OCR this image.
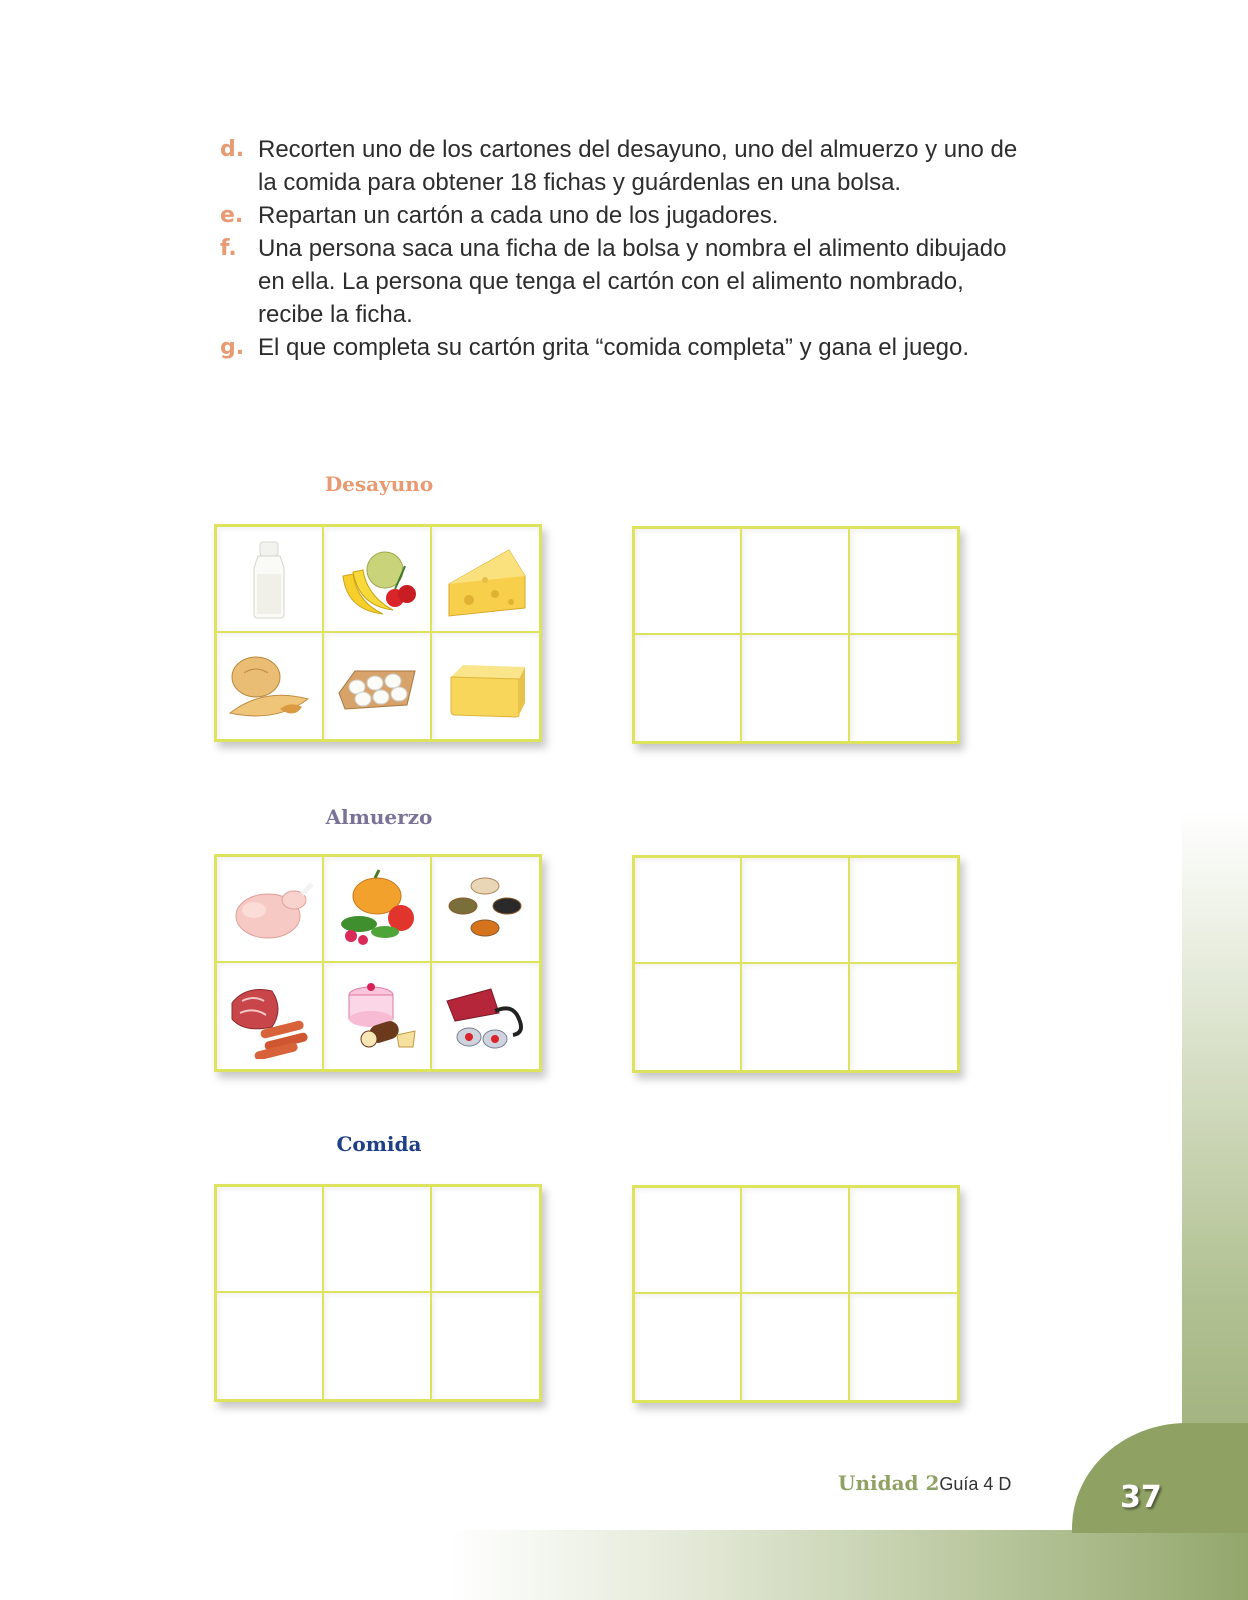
d. Recorten uno de los cartones del desayuno, uno del almuerzo y uno de la comida para obtener 18 fichas y guárdenlas en una bolsa.
e. Repartan un cartón a cada uno de los jugadores.
f. Una persona saca una ficha de la bolsa y nombra el alimento dibujado en ella. La persona que tenga el cartón con el alimento nombrado, recibe la ficha.
g. El que completa su cartón grita “comida completa” y gana el juego.
Desayuno
Almuerzo
Comida
Unidad 2Guía 4 D	37
